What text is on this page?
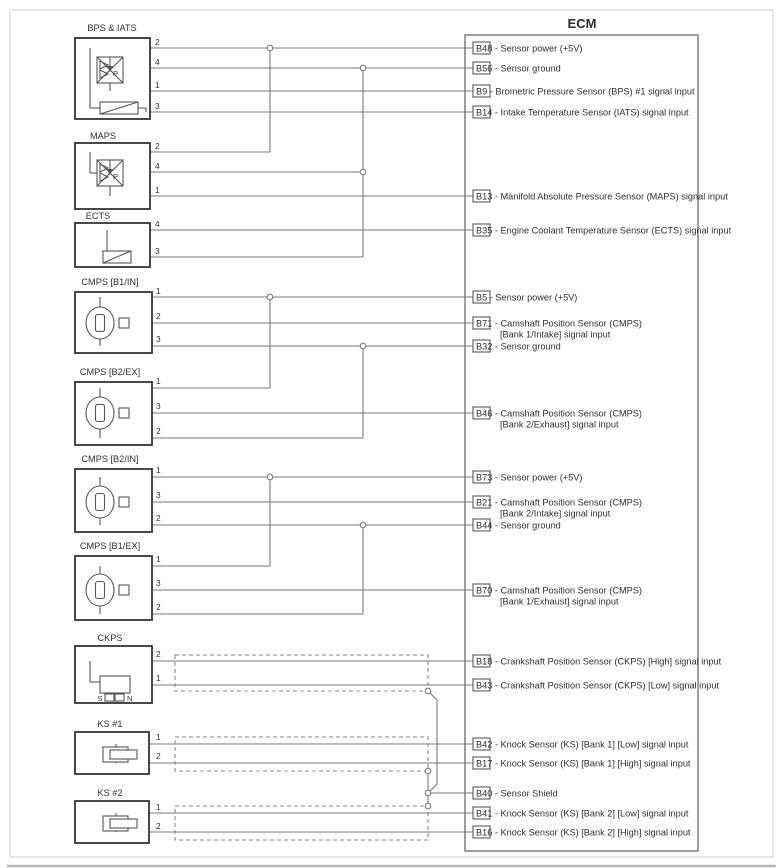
ECM
B48 - Sensor power (+5V)
B56 - Sensor ground
B9 - Brometric Pressure Sensor (BPS) #1 signal input
B14 - Intake Temperature Sensor (IATS) signal input
B13 - Manifold Absolute Pressure Sensor (MAPS) signal input
B35 - Engine Coolant Temperature Sensor (ECTS) signal input
B5 - Sensor power (+5V)
B71 - Camshaft Position Sensor (CMPS)
[Bank 1/Intake] signal input
B32 - Sensor ground
B46 - Camshaft Position Sensor (CMPS)
[Bank 2/Exhaust] signal input
B73 - Sensor power (+5V)
B21 - Camshaft Position Sensor (CMPS)
[Bank 2/Intake] signal input
B44 - Sensor ground
B70 - Camshaft Position Sensor (CMPS)
[Bank 1/Exhaust] signal input
B18 - Crankshaft Position Sensor (CKPS) [High] signal input
B43 - Crankshaft Position Sensor (CKPS) [Low] signal input
B42 - Knock Sensor (KS) [Bank 1] [Low] signal input
B17 - Knock Sensor (KS) [Bank 1] [High] signal input
B40 - Sensor Shield
B41 - Knock Sensor (KS) [Bank 2] [Low] signal input
B16 - Knock Sensor (KS) [Bank 2] [High] signal input
BPS & IATS
2
4
1
3
MAPS
2
4
1
ECTS
4
3
CMPS [B1/IN]
1
2
3
CMPS [B2/EX]
1
3
2
CMPS [B2/IN]
1
3
2
CMPS [B1/EX]
1
3
2
CKPS
S	N
2
1
KS #1
1
2
KS #2
1
2
